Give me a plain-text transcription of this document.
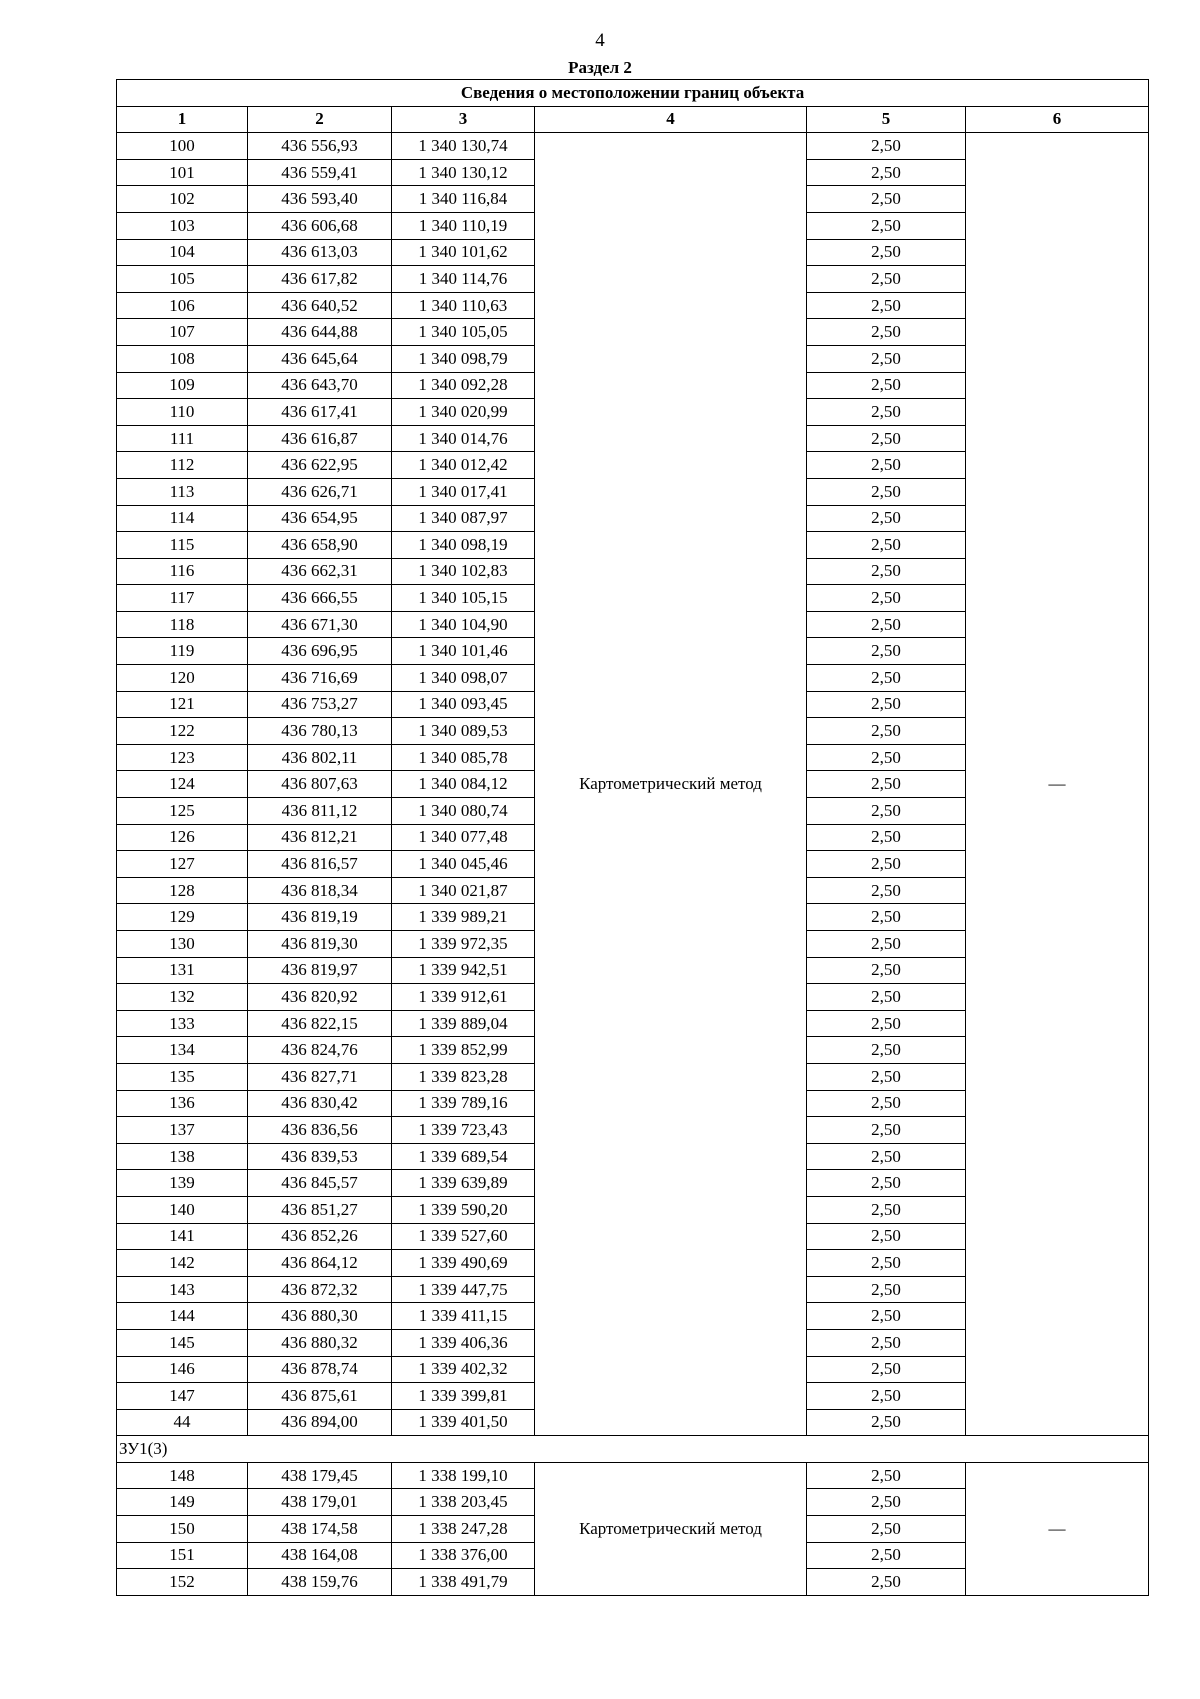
4
Раздел 2
Сведения о местоположении границ объекта					
1	2	3	4	5	6
100	436 556,93	1 340 130,74	Картометрический метод	2,50	—
101	436 559,41	1 340 130,12		2,50	
102	436 593,40	1 340 116,84		2,50	
103	436 606,68	1 340 110,19		2,50	
104	436 613,03	1 340 101,62		2,50	
105	436 617,82	1 340 114,76		2,50	
106	436 640,52	1 340 110,63		2,50	
107	436 644,88	1 340 105,05		2,50	
108	436 645,64	1 340 098,79		2,50	
109	436 643,70	1 340 092,28		2,50	
110	436 617,41	1 340 020,99		2,50	
111	436 616,87	1 340 014,76		2,50	
112	436 622,95	1 340 012,42		2,50	
113	436 626,71	1 340 017,41		2,50	
114	436 654,95	1 340 087,97		2,50	
115	436 658,90	1 340 098,19		2,50	
116	436 662,31	1 340 102,83		2,50	
117	436 666,55	1 340 105,15		2,50	
118	436 671,30	1 340 104,90		2,50	
119	436 696,95	1 340 101,46		2,50	
120	436 716,69	1 340 098,07		2,50	
121	436 753,27	1 340 093,45		2,50	
122	436 780,13	1 340 089,53		2,50	
123	436 802,11	1 340 085,78		2,50	
124	436 807,63	1 340 084,12		2,50	
125	436 811,12	1 340 080,74		2,50	
126	436 812,21	1 340 077,48		2,50	
127	436 816,57	1 340 045,46		2,50	
128	436 818,34	1 340 021,87		2,50	
129	436 819,19	1 339 989,21		2,50	
130	436 819,30	1 339 972,35		2,50	
131	436 819,97	1 339 942,51		2,50	
132	436 820,92	1 339 912,61		2,50	
133	436 822,15	1 339 889,04		2,50	
134	436 824,76	1 339 852,99		2,50	
135	436 827,71	1 339 823,28		2,50	
136	436 830,42	1 339 789,16		2,50	
137	436 836,56	1 339 723,43		2,50	
138	436 839,53	1 339 689,54		2,50	
139	436 845,57	1 339 639,89		2,50	
140	436 851,27	1 339 590,20		2,50	
141	436 852,26	1 339 527,60		2,50	
142	436 864,12	1 339 490,69		2,50	
143	436 872,32	1 339 447,75		2,50	
144	436 880,30	1 339 411,15		2,50	
145	436 880,32	1 339 406,36		2,50	
146	436 878,74	1 339 402,32		2,50	
147	436 875,61	1 339 399,81		2,50	
44	436 894,00	1 339 401,50		2,50	
ЗУ1(3)					
148	438 179,45	1 338 199,10	Картометрический метод	2,50	—
149	438 179,01	1 338 203,45		2,50	
150	438 174,58	1 338 247,28		2,50	
151	438 164,08	1 338 376,00		2,50	
152	438 159,76	1 338 491,79		2,50	
